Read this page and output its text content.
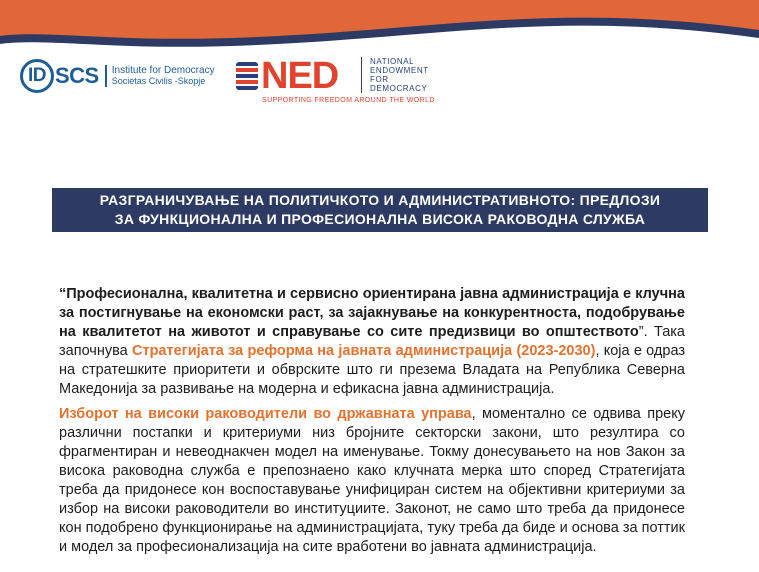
ID SCS Institute for Democracy
Societas Civilis -Skopje NED	NATIONAL
ENDOWMENT
FOR
DEMOCRACY
SUPPORTING FREEDOM AROUND THE WORLD
РАЗГРАНИЧУВАЊЕ НА ПОЛИТИЧКОТО И АДМИНИСТРАТИВНОТО: ПРЕДЛОЗИ
ЗА ФУНКЦИОНАЛНА И ПРОФЕСИОНАЛНА ВИСОКА РАКОВОДНА СЛУЖБА
“Професионална, квалитетна и сервисно ориентирана јавна администрација е клучна за постигнување на економски раст, за зајакнување на конкурентноста, подобрување на квалитетот на животот и справување со сите предизвици во општеството”. Така започнува Стратегијата за реформа на јавната администрација (2023-2030), која е одраз на стратешките приоритети и обврските што ги презема Владата на Република Северна Македонија за развивање на модерна и ефикасна јавна администрација.
Изборот на високи раководители во државната управа, моментално се одвива преку различни постапки и критериуми низ бројните секторски закони, што резултира со фрагментиран и невеоднакчен модел на именување. Токму донесувањето на нов Закон за висока раководна служба е препознаено како клучната мерка што според Стратегијата треба да придонесе кон воспоставување унифициран систем на објективни критериуми за избор на високи раководители во институциите. Законот, не само што треба да придонесе кон подобрено функционирање на администрацијата, туку треба да биде и основа за поттик и модел за професионализација на сите вработени во јавната администрација.
